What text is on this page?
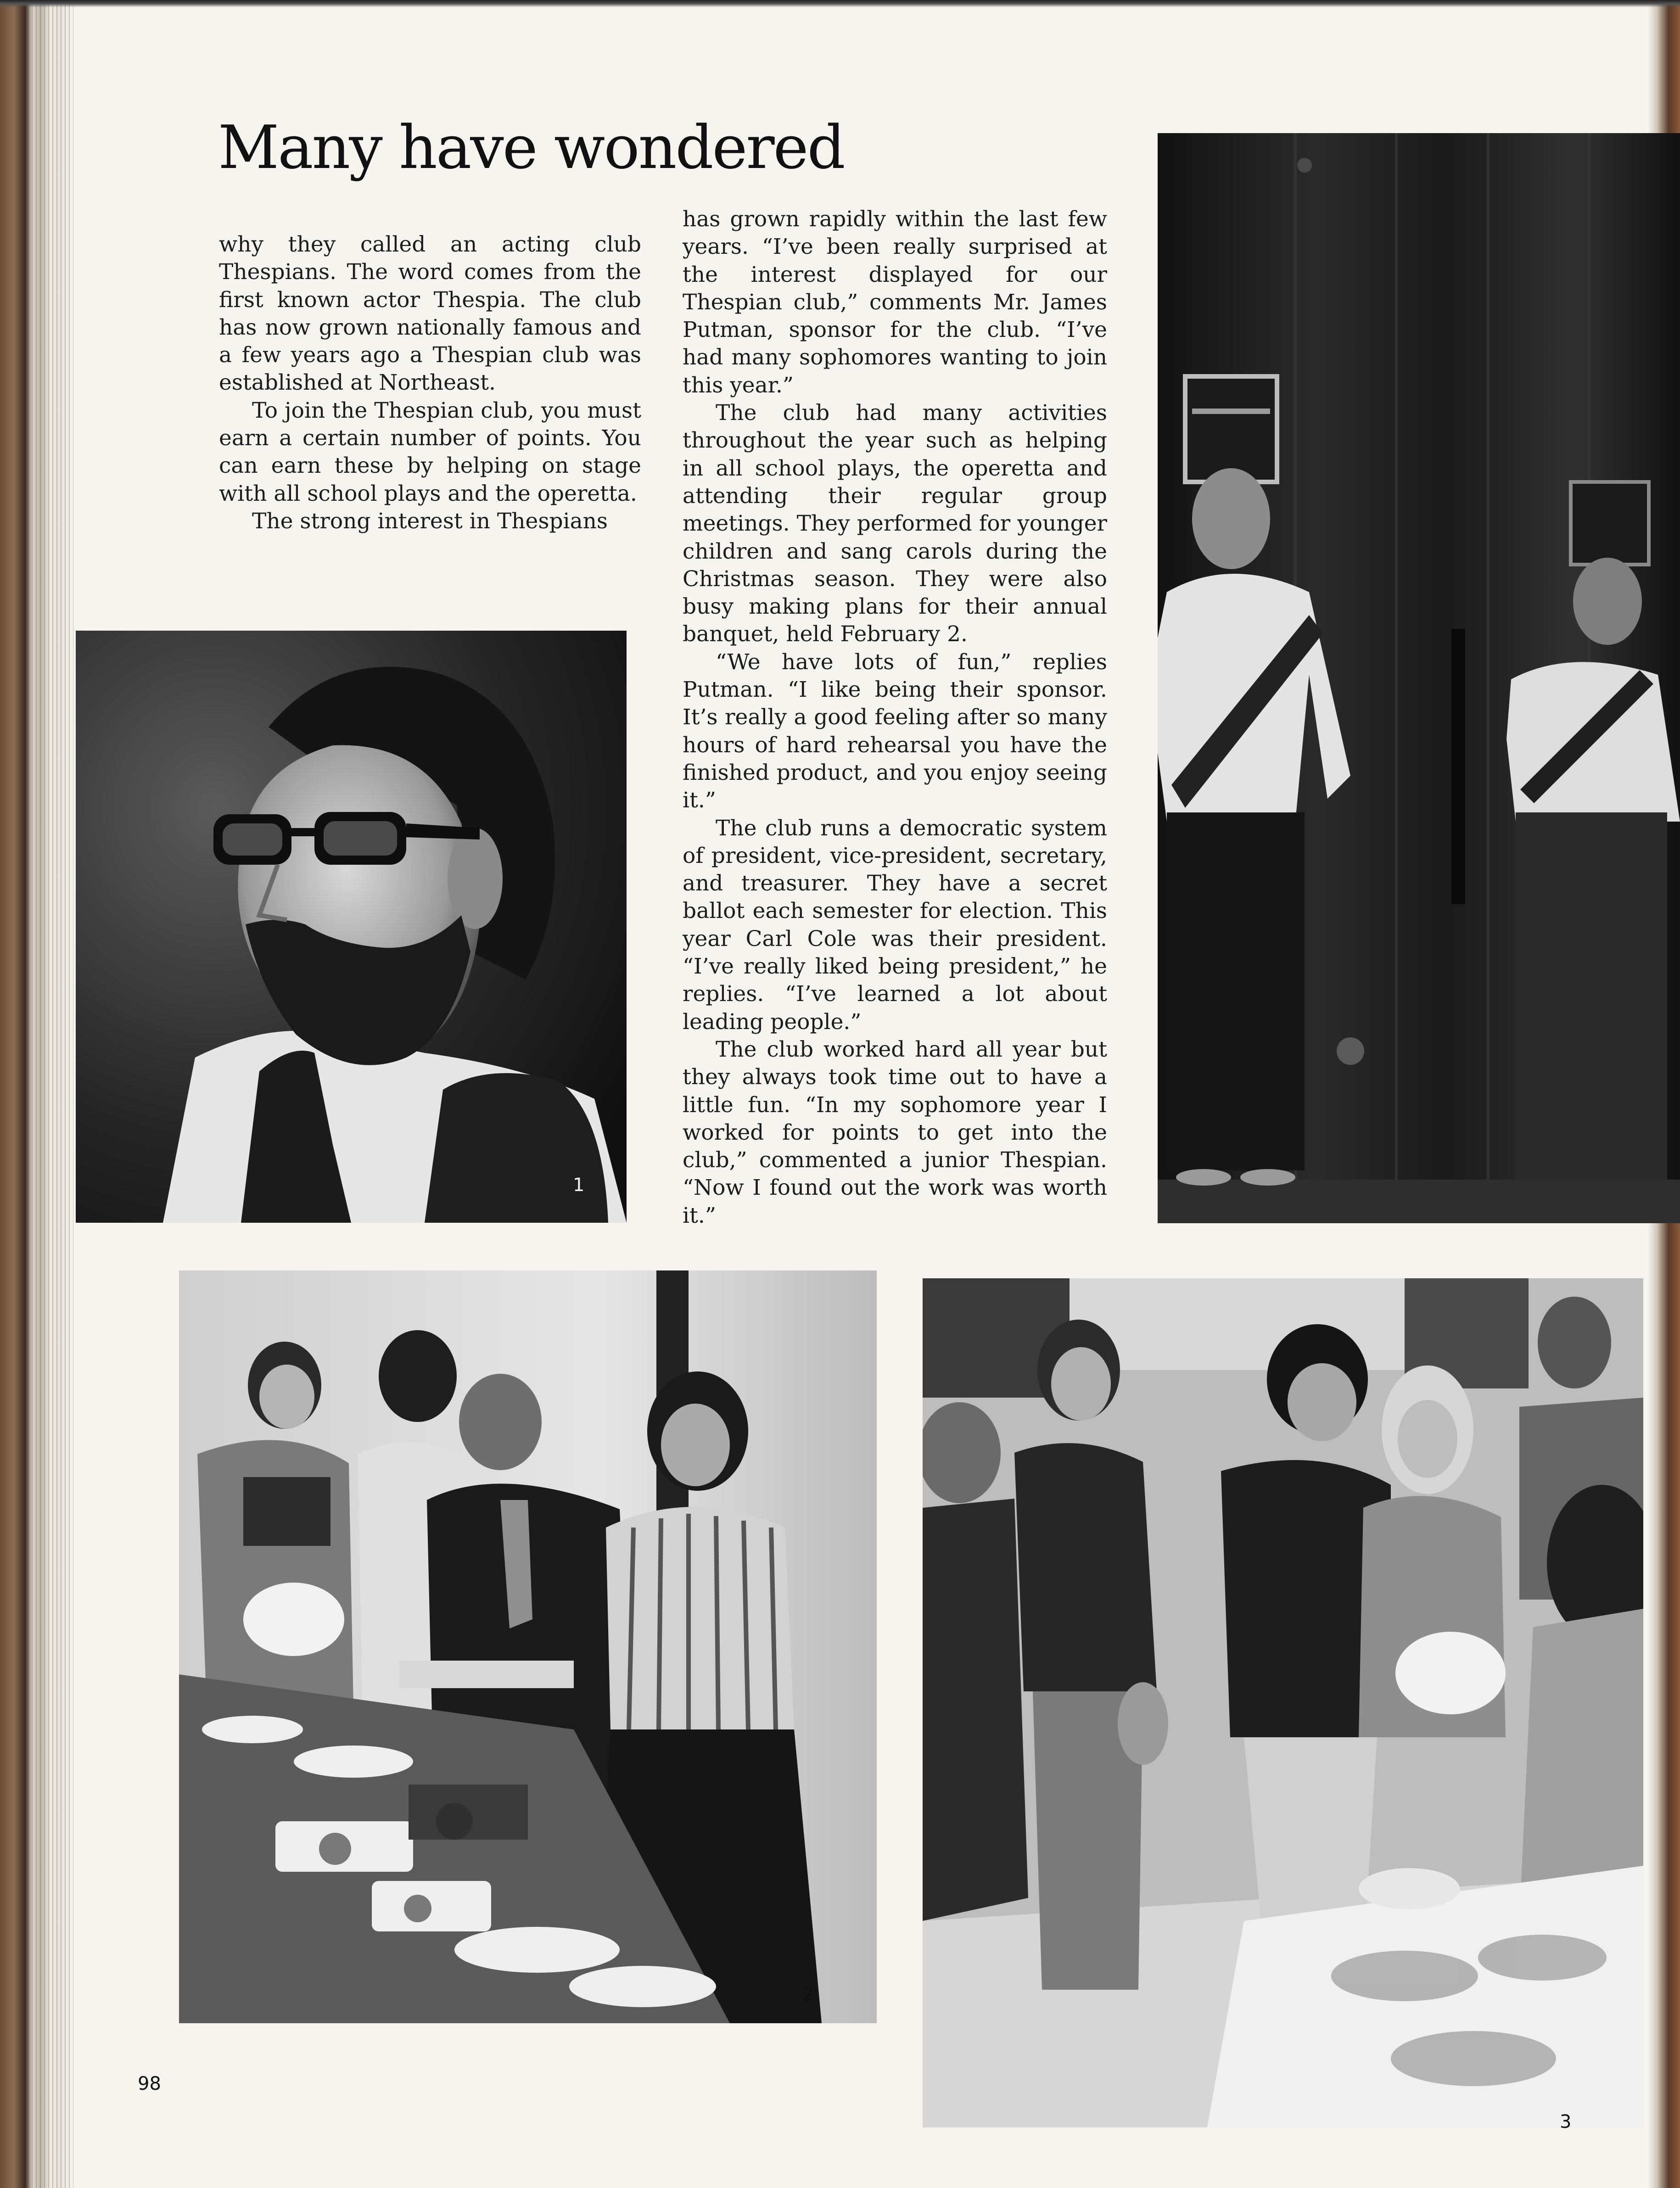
Many have wondered

why they called an acting club Thespians. The word comes from the first known actor Thespia. The club has now grown nationally famous and a few years ago a Thespian club was established at Northeast.

To join the Thespian club, you must earn a certain number of points. You can earn these by helping on stage with all school plays and the operetta.

The strong interest in Thespians

has grown rapidly within the last few years. “I’ve been really surprised at the interest displayed for our Thespian club,” comments Mr. James Putman, sponsor for the club. “I’ve had many sophomores wanting to join this year.”

The club had many activities throughout the year such as helping in all school plays, the operetta and attending their regular group meetings. They performed for younger children and sang carols during the Christmas season. They were also busy making plans for their annual banquet, held February 2.

“We have lots of fun,” replies Putman. “I like being their sponsor. It’s really a good feeling after so many hours of hard rehearsal you have the finished product, and you enjoy seeing it.”

The club runs a democratic system of president, vice-president, secretary, and treasurer. They have a secret ballot each semester for election. This year Carl Cole was their president. “I’ve really liked being president,” he replies. “I’ve learned a lot about leading people.”

The club worked hard all year but they always took time out to have a little fun. “In my sophomore year I worked for points to get into the club,” commented a junior Thespian. “Now I found out the work was worth it.”

1
2
98
3
